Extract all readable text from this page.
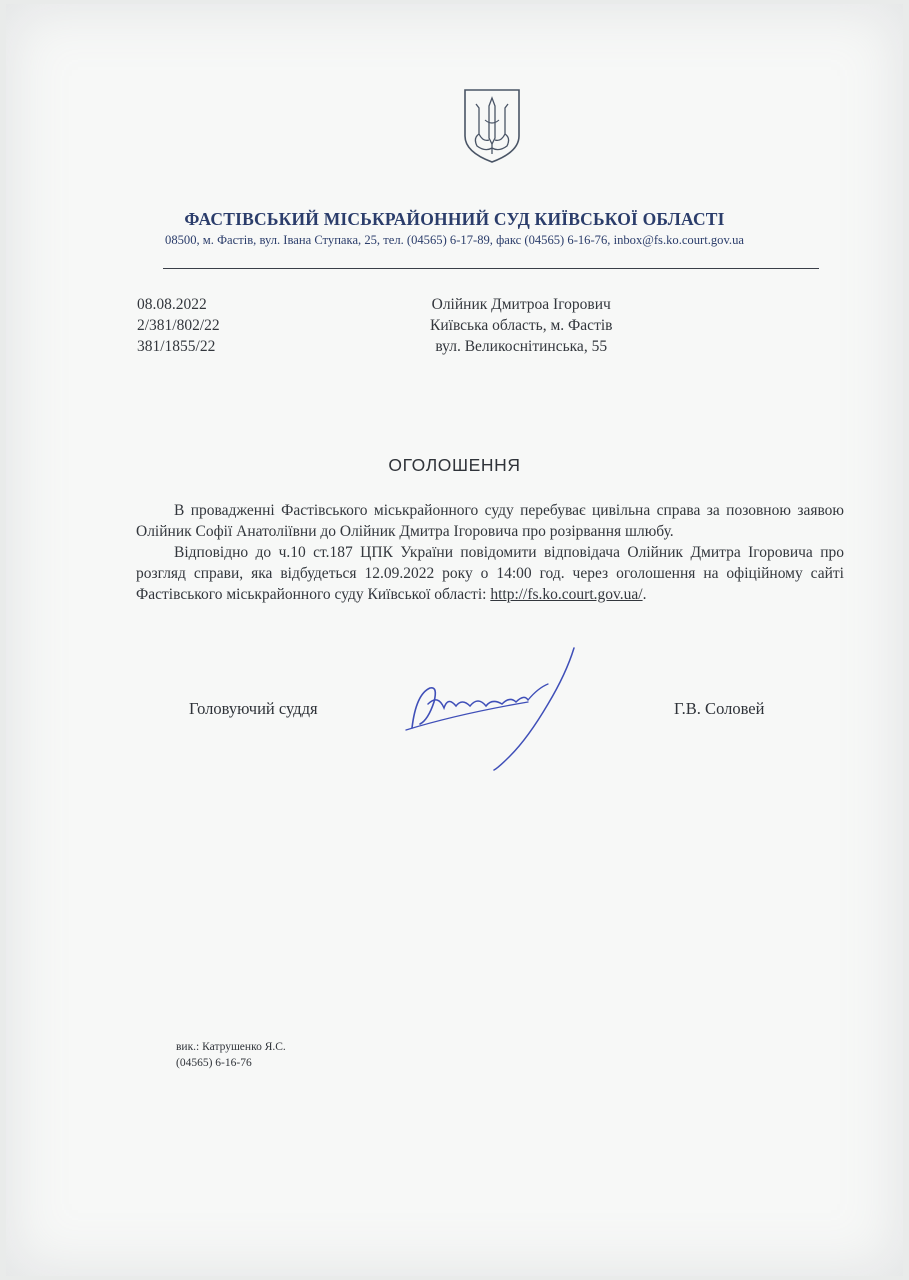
ФАСТІВСЬКИЙ МІСЬКРАЙОННИЙ СУД КИЇВСЬКОЇ ОБЛАСТІ
08500, м. Фастів, вул. Івана Ступака, 25, тел. (04565) 6-17-89, факс (04565) 6-16-76, inbox@fs.ko.court.gov.ua
08.08.2022
2/381/802/22
381/1855/22
Олійник Дмитроа Ігорович
Київська область, м. Фастів
вул. Великоснітинська, 55
ОГОЛОШЕННЯ

В провадженні Фастівського міськрайонного суду перебуває цивільна справа за позовною заявою Олійник Софії Анатоліївни до Олійник Дмитра Ігоровича про розірвання шлюбу.

Відповідно до ч.10 ст.187 ЦПК України повідомити відповідача Олійник Дмитра Ігоровича про розгляд справи, яка відбудеться 12.09.2022 року о 14:00 год. через оголошення на офіційному сайті Фастівського міськрайонного суду Київської області: http://fs.ko.court.gov.ua/.

Головуючий суддя	Г.В. Соловей
вик.: Катрушенко Я.С.
(04565) 6-16-76
